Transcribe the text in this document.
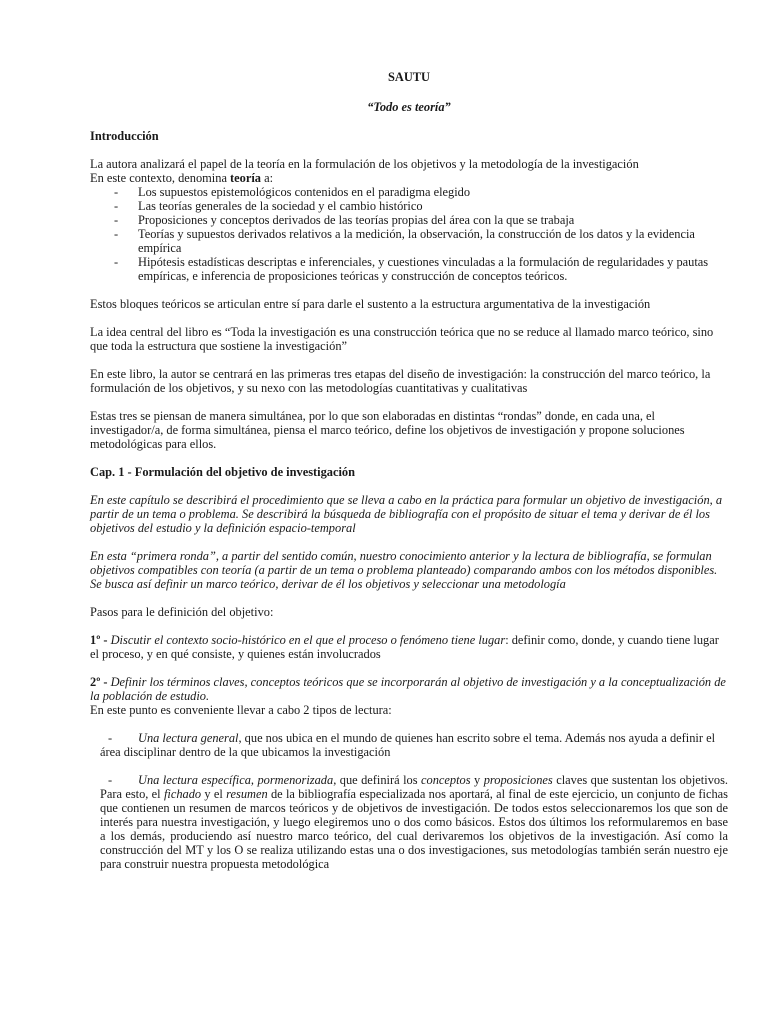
SAUTU
“Todo es teoría”
Introducción

La autora analizará el papel de la teoría en la formulación de los objetivos y la metodología de la investigación

En este contexto, denomina teoría a:

- Los supuestos epistemológicos contenidos en el paradigma elegido
- Las teorías generales de la sociedad y el cambio histórico
- Proposiciones y conceptos derivados de las teorías propias del área con la que se trabaja
- Teorías y supuestos derivados relativos a la medición, la observación, la construcción de los datos y la evidencia empírica
- Hipótesis estadísticas descriptas e inferenciales, y cuestiones vinculadas a la formulación de regularidades y pautas empíricas, e inferencia de proposiciones teóricas y construcción de conceptos teóricos.

Estos bloques teóricos se articulan entre sí para darle el sustento a la estructura argumentativa de la investigación

La idea central del libro es “Toda la investigación es una construcción teórica que no se reduce al llamado marco teórico, sino que toda la estructura que sostiene la investigación”

En este libro, la autor se centrará en las primeras tres etapas del diseño de investigación: la construcción del marco teórico, la formulación de los objetivos, y su nexo con las metodologías cuantitativas y cualitativas

Estas tres se piensan de manera simultánea, por lo que son elaboradas en distintas “rondas” donde, en cada una, el investigador/a, de forma simultánea, piensa el marco teórico, define los objetivos de investigación y propone soluciones metodológicas para ellos.

Cap. 1 - Formulación del objetivo de investigación

En este capítulo se describirá el procedimiento que se lleva a cabo en la práctica para formular un objetivo de investigación, a partir de un tema o problema. Se describirá la búsqueda de bibliografía con el propósito de situar el tema y derivar de él los objetivos del estudio y la definición espacio-temporal

En esta “primera ronda”, a partir del sentido común, nuestro conocimiento anterior y la lectura de bibliografía, se formulan objetivos compatibles con teoría (a partir de un tema o problema planteado) comparando ambos con los métodos disponibles. Se busca así definir un marco teórico, derivar de él los objetivos y seleccionar una metodología

Pasos para le definición del objetivo:

1º - Discutir el contexto socio-histórico en el que el proceso o fenómeno tiene lugar: definir como, donde, y cuando tiene lugar el proceso, y en qué consiste, y quienes están involucrados

2º - Definir los términos claves, conceptos teóricos que se incorporarán al objetivo de investigación y a la conceptualización de la población de estudio.

En este punto es conveniente llevar a cabo 2 tipos de lectura:

- Una lectura general, que nos ubica en el mundo de quienes han escrito sobre el tema. Además nos ayuda a definir el área disciplinar dentro de la que ubicamos la investigación

- Una lectura específica, pormenorizada, que definirá los conceptos y proposiciones claves que sustentan los objetivos. Para esto, el fichado y el resumen de la bibliografía especializada nos aportará, al final de este ejercicio, un conjunto de fichas que contienen un resumen de marcos teóricos y de objetivos de investigación. De todos estos seleccionaremos los que son de interés para nuestra investigación, y luego elegiremos uno o dos como básicos. Estos dos últimos los reformularemos en base a los demás, produciendo así nuestro marco teórico, del cual derivaremos los objetivos de la investigación. Así como la construcción del MT y los O se realiza utilizando estas una o dos investigaciones, sus metodologías también serán nuestro eje para construir nuestra propuesta metodológica
